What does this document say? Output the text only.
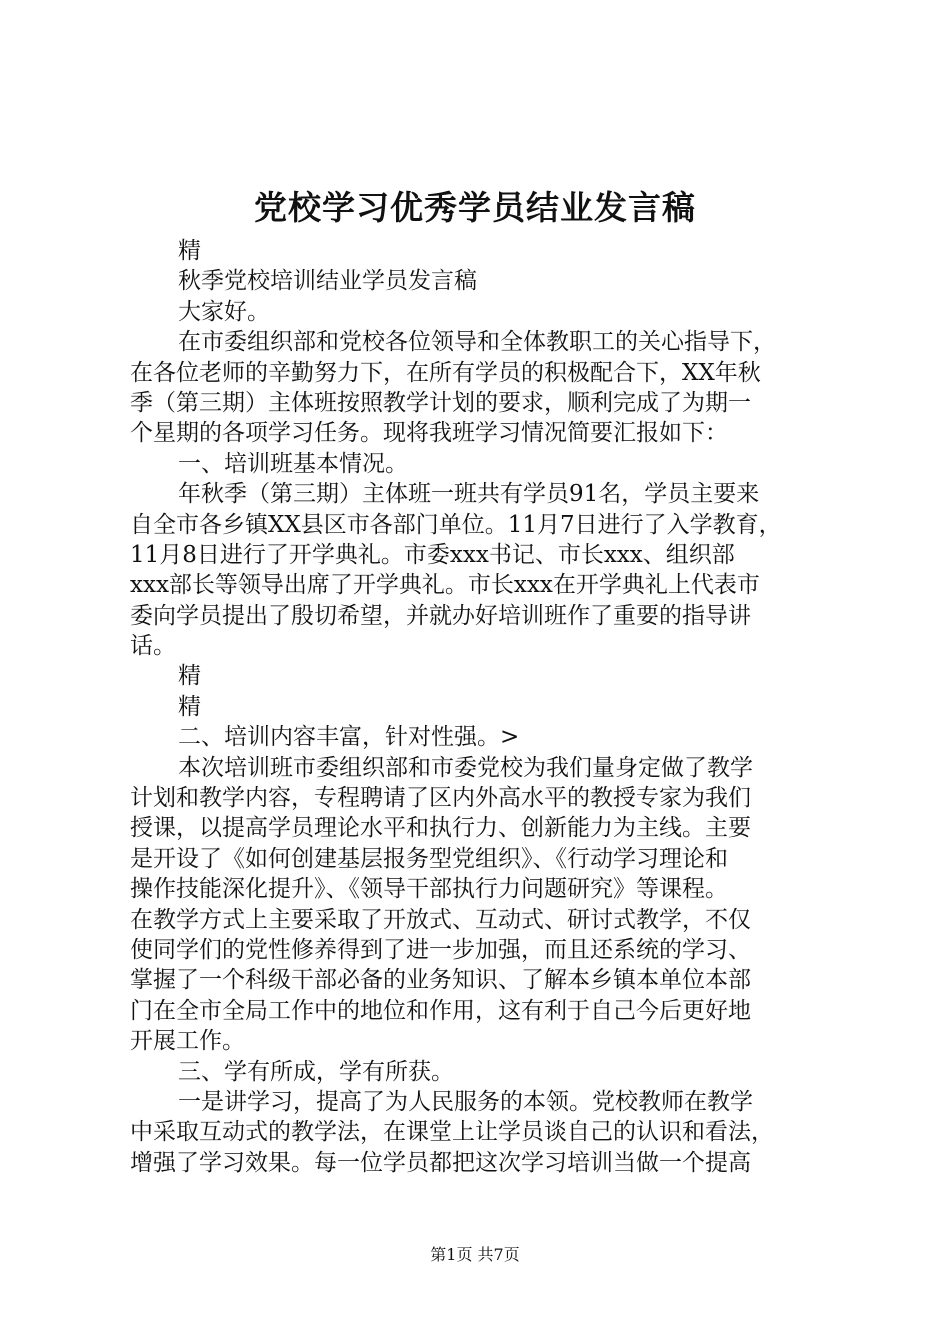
党校学习优秀学员结业发言稿
精
秋季党校培训结业学员发言稿
大家好。
在市委组织部和党校各位领导和全体教职工的关心指导下，
在各位老师的辛勤努力下，在所有学员的积极配合下，XX年秋
季（第三期）主体班按照教学计划的要求，顺利完成了为期一
个星期的各项学习任务。现将我班学习情况简要汇报如下：
一、培训班基本情况。
年秋季（第三期）主体班一班共有学员91名，学员主要来
自全市各乡镇XX县区市各部门单位。11月7日进行了入学教育，
11月8日进行了开学典礼。市委xxx书记、市长xxx、组织部
xxx部长等领导出席了开学典礼。市长xxx在开学典礼上代表市
委向学员提出了殷切希望，并就办好培训班作了重要的指导讲
话。
精
精
二、培训内容丰富，针对性强。>
本次培训班市委组织部和市委党校为我们量身定做了教学
计划和教学内容，专程聘请了区内外高水平的教授专家为我们
授课，以提高学员理论水平和执行力、创新能力为主线。主要
是开设了《如何创建基层报务型党组织》、《行动学习理论和
操作技能深化提升》、《领导干部执行力问题研究》等课程。
在教学方式上主要采取了开放式、互动式、研讨式教学，不仅
使同学们的党性修养得到了进一步加强，而且还系统的学习、
掌握了一个科级干部必备的业务知识、了解本乡镇本单位本部
门在全市全局工作中的地位和作用，这有利于自己今后更好地
开展工作。
三、学有所成，学有所获。
一是讲学习，提高了为人民服务的本领。党校教师在教学
中采取互动式的教学法，在课堂上让学员谈自己的认识和看法，
增强了学习效果。每一位学员都把这次学习培训当做一个提高
第1页 共7页
